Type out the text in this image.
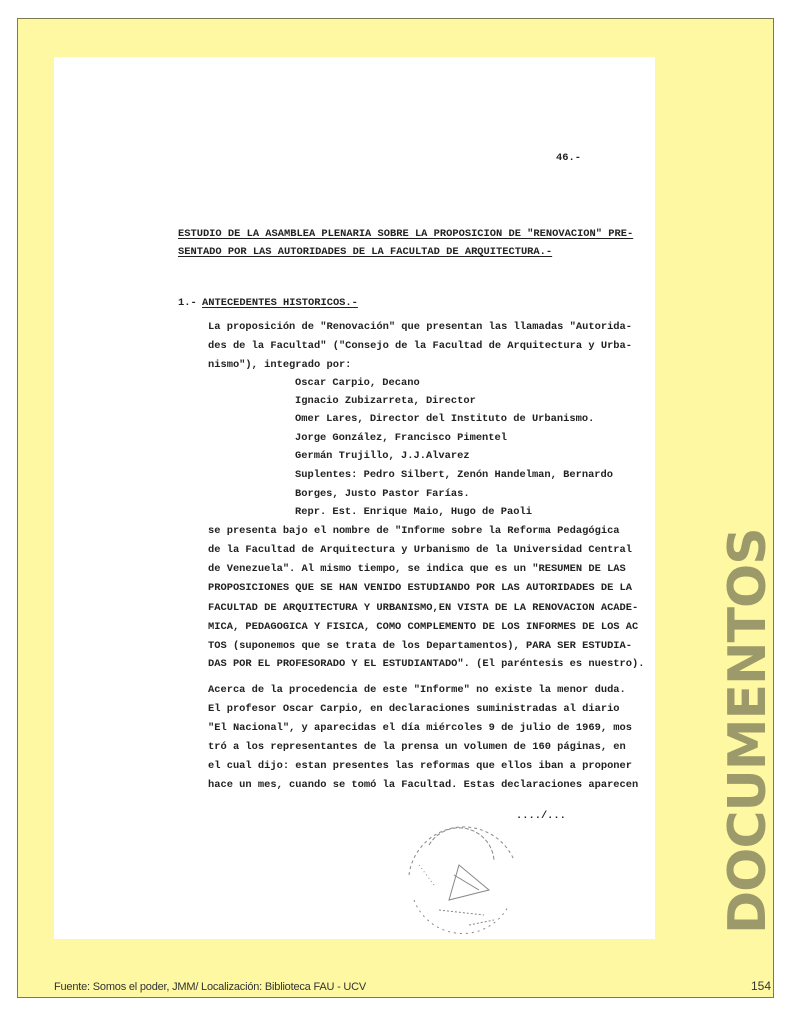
46.-
ESTUDIO DE LA ASAMBLEA PLENARIA SOBRE LA PROPOSICION DE "RENOVACION" PRE-
SENTADO POR LAS AUTORIDADES DE LA FACULTAD DE ARQUITECTURA.-
1.- ANTECEDENTES HISTORICOS.-
La proposición de "Renovación" que presentan las llamadas "Autorida-
des de la Facultad" ("Consejo de la Facultad de Arquitectura y Urba-
nismo"), integrado por:
Oscar Carpio, Decano
Ignacio Zubizarreta, Director
Omer Lares, Director del Instituto de Urbanismo.
Jorge González, Francisco Pimentel
Germán Trujillo, J.J.Alvarez
Suplentes: Pedro Silbert, Zenón Handelman, Bernardo
Borges, Justo Pastor Farías.
Repr. Est. Enrique Maio, Hugo de Paoli
se presenta bajo el nombre de "Informe sobre la Reforma Pedagógica
de la Facultad de Arquitectura y Urbanismo de la Universidad Central
de Venezuela". Al mismo tiempo, se indica que es un "RESUMEN DE LAS
PROPOSICIONES QUE SE HAN VENIDO ESTUDIANDO POR LAS AUTORIDADES DE LA
FACULTAD DE ARQUITECTURA Y URBANISMO,EN VISTA DE LA RENOVACION ACADE-
MICA, PEDAGOGICA Y FISICA, COMO COMPLEMENTO DE LOS INFORMES DE LOS AC
TOS (suponemos que se trata de los Departamentos), PARA SER ESTUDIA-
DAS POR EL PROFESORADO Y EL ESTUDIANTADO". (El paréntesis es nuestro).
Acerca de la procedencia de este "Informe" no existe la menor duda.
El profesor Oscar Carpio, en declaraciones suministradas al diario
"El Nacional", y aparecidas el día miércoles 9 de julio de 1969, mos
tró a los representantes de la prensa un volumen de 160 páginas, en
el cual dijo: estan presentes las reformas que ellos iban a proponer
hace un mes, cuando se tomó la Facultad. Estas declaraciones aparecen
..../...	DOCUMENTOS
Fuente: Somos el poder, JMM/ Localización: Biblioteca FAU - UCV	154
